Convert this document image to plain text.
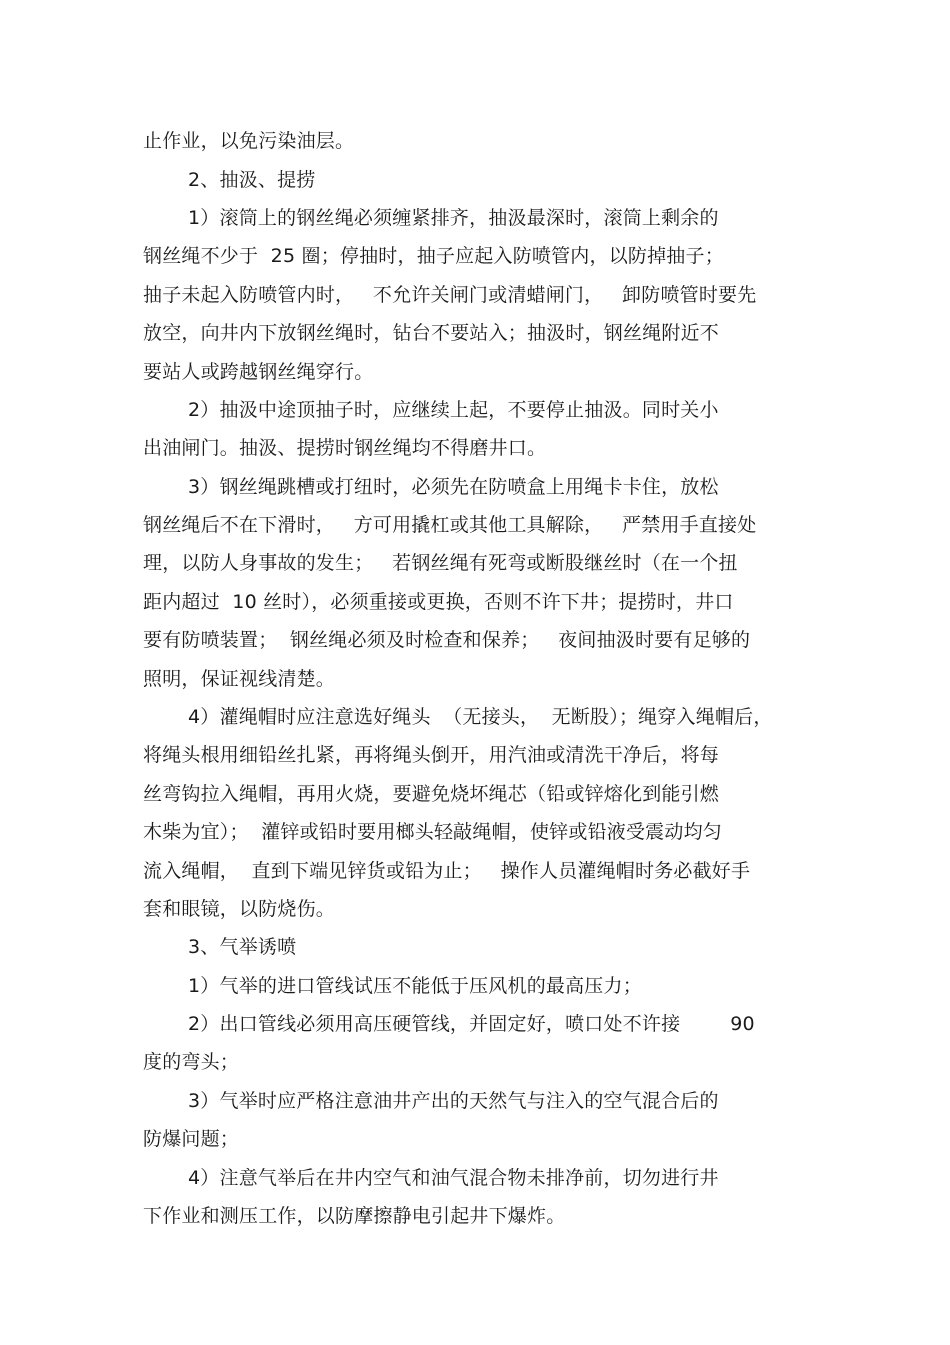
止作业，以免污染油层。
2、抽汲、提捞
1）滚筒上的钢丝绳必须缠紧排齐，抽汲最深时，滚筒上剩余的
钢丝绳不少于  25 圈；停抽时，抽子应起入防喷管内，以防掉抽子；
抽子未起入防喷管内时，   不允许关闸门或清蜡闸门，   卸防喷管时要先
放空，向井内下放钢丝绳时，钻台不要站入；抽汲时，钢丝绳附近不
要站人或跨越钢丝绳穿行。
2）抽汲中途顶抽子时，应继续上起，不要停止抽汲。同时关小
出油闸门。抽汲、提捞时钢丝绳均不得磨井口。
3）钢丝绳跳槽或打纽时，必须先在防喷盒上用绳卡卡住，放松
钢丝绳后不在下滑时，   方可用撬杠或其他工具解除，   严禁用手直接处
理，以防人身事故的发生；   若钢丝绳有死弯或断股继丝时（在一个扭
距内超过  10 丝时），必须重接或更换，否则不许下井；提捞时，井口
要有防喷装置；  钢丝绳必须及时检查和保养；   夜间抽汲时要有足够的
照明，保证视线清楚。
4）灌绳帽时应注意选好绳头  （无接头，  无断股）；绳穿入绳帽后，
将绳头根用细铅丝扎紧，再将绳头倒开，用汽油或清洗干净后，将每
丝弯钩拉入绳帽，再用火烧，要避免烧坏绳芯（铅或锌熔化到能引燃
木柴为宜）；  灌锌或铅时要用榔头轻敲绳帽，使锌或铅液受震动均匀
流入绳帽，  直到下端见锌货或铅为止；   操作人员灌绳帽时务必截好手
套和眼镜，以防烧伤。
3、气举诱喷
1）气举的进口管线试压不能低于压风机的最高压力；
2）出口管线必须用高压硬管线，并固定好，喷口处不许接        90
度的弯头；
3）气举时应严格注意油井产出的天然气与注入的空气混合后的
防爆问题；
4）注意气举后在井内空气和油气混合物未排净前，切勿进行井
下作业和测压工作，以防摩擦静电引起井下爆炸。
